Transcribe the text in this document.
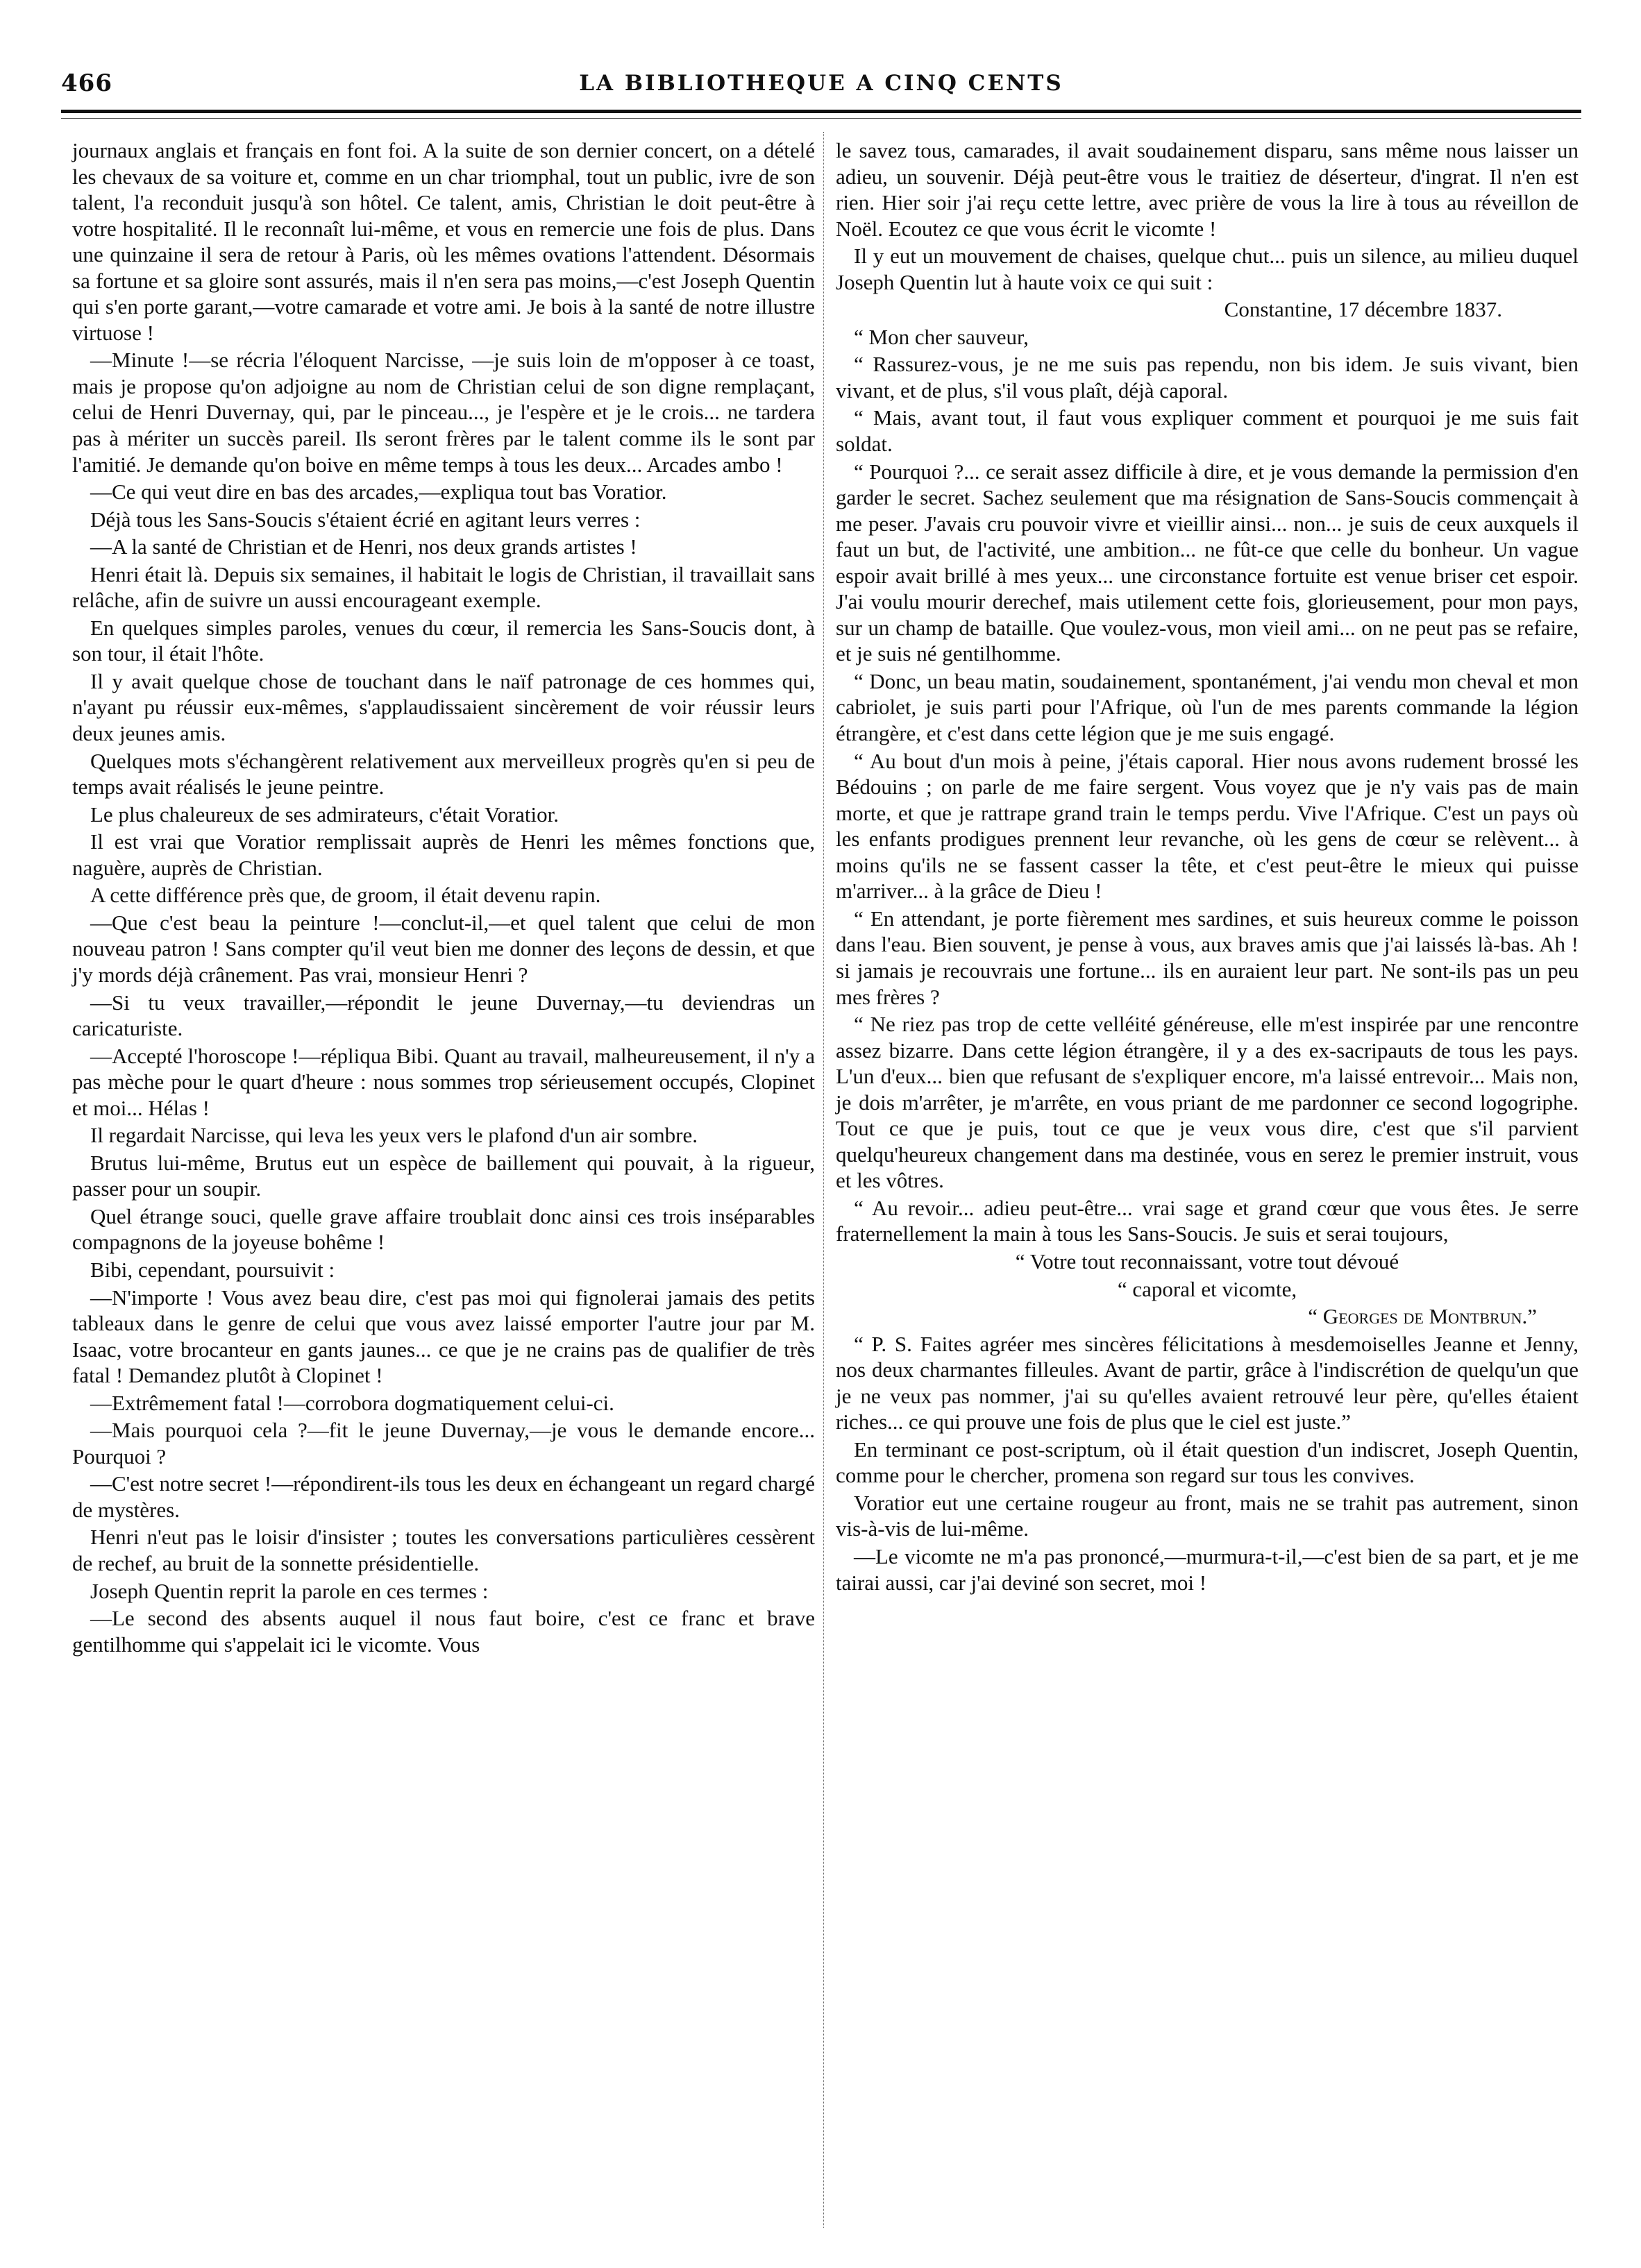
466	LA BIBLIOTHEQUE A CINQ CENTS

journaux anglais et français en font foi. A la suite de son dernier concert, on a dételé les chevaux de sa voiture et, comme en un char triomphal, tout un public, ivre de son talent, l'a reconduit jusqu'à son hôtel. Ce talent, amis, Christian le doit peut-être à votre hospitalité. Il le reconnaît lui-même, et vous en remercie une fois de plus. Dans une quinzaine il sera de retour à Paris, où les mêmes ovations l'attendent. Désormais sa fortune et sa gloire sont assurés, mais il n'en sera pas moins,—c'est Joseph Quentin qui s'en porte garant,—votre camarade et votre ami. Je bois à la santé de notre illustre virtuose !

—Minute !—se récria l'éloquent Narcisse, —je suis loin de m'opposer à ce toast, mais je propose qu'on adjoigne au nom de Christian celui de son digne remplaçant, celui de Henri Duvernay, qui, par le pinceau..., je l'espère et je le crois... ne tardera pas à mériter un succès pareil. Ils seront frères par le talent comme ils le sont par l'amitié. Je demande qu'on boive en même temps à tous les deux... Arcades ambo !

—Ce qui veut dire en bas des arcades,—expliqua tout bas Voratior.

Déjà tous les Sans-Soucis s'étaient écrié en agitant leurs verres :

—A la santé de Christian et de Henri, nos deux grands artistes !

Henri était là. Depuis six semaines, il habitait le logis de Christian, il travaillait sans relâche, afin de suivre un aussi encourageant exemple.

En quelques simples paroles, venues du cœur, il remercia les Sans-Soucis dont, à son tour, il était l'hôte.

Il y avait quelque chose de touchant dans le naïf patronage de ces hommes qui, n'ayant pu réussir eux-mêmes, s'applaudissaient sincèrement de voir réussir leurs deux jeunes amis.

Quelques mots s'échangèrent relativement aux merveilleux progrès qu'en si peu de temps avait réalisés le jeune peintre.

Le plus chaleureux de ses admirateurs, c'était Voratior.

Il est vrai que Voratior remplissait auprès de Henri les mêmes fonctions que, naguère, auprès de Christian.

A cette différence près que, de groom, il était devenu rapin.

—Que c'est beau la peinture !—conclut-il,—et quel talent que celui de mon nouveau patron ! Sans compter qu'il veut bien me donner des leçons de dessin, et que j'y mords déjà crânement. Pas vrai, monsieur Henri ?

—Si tu veux travailler,—répondit le jeune Duvernay,—tu deviendras un caricaturiste.

—Accepté l'horoscope !—répliqua Bibi. Quant au travail, malheureusement, il n'y a pas mèche pour le quart d'heure : nous sommes trop sérieusement occupés, Clopinet et moi... Hélas !

Il regardait Narcisse, qui leva les yeux vers le plafond d'un air sombre.

Brutus lui-même, Brutus eut un espèce de baillement qui pouvait, à la rigueur, passer pour un soupir.

Quel étrange souci, quelle grave affaire troublait donc ainsi ces trois inséparables compagnons de la joyeuse bohême !

Bibi, cependant, poursuivit :

—N'importe ! Vous avez beau dire, c'est pas moi qui fignolerai jamais des petits tableaux dans le genre de celui que vous avez laissé emporter l'autre jour par M. Isaac, votre brocanteur en gants jaunes... ce que je ne crains pas de qualifier de très fatal ! Demandez plutôt à Clopinet !

—Extrêmement fatal !—corrobora dogmatiquement celui-ci.

—Mais pourquoi cela ?—fit le jeune Duvernay,—je vous le demande encore... Pourquoi ?

—C'est notre secret !—répondirent-ils tous les deux en échangeant un regard chargé de mystères.

Henri n'eut pas le loisir d'insister ; toutes les conversations particulières cessèrent de rechef, au bruit de la sonnette présidentielle.

Joseph Quentin reprit la parole en ces termes :

—Le second des absents auquel il nous faut boire, c'est ce franc et brave gentilhomme qui s'appelait ici le vicomte. Vous

le savez tous, camarades, il avait soudainement disparu, sans même nous laisser un adieu, un souvenir. Déjà peut-être vous le traitiez de déserteur, d'ingrat. Il n'en est rien. Hier soir j'ai reçu cette lettre, avec prière de vous la lire à tous au réveillon de Noël. Ecoutez ce que vous écrit le vicomte !

Il y eut un mouvement de chaises, quelque chut... puis un silence, au milieu duquel Joseph Quentin lut à haute voix ce qui suit :

Constantine, 17 décembre 1837.

“ Mon cher sauveur,

“ Rassurez-vous, je ne me suis pas rependu, non bis idem. Je suis vivant, bien vivant, et de plus, s'il vous plaît, déjà caporal.

“ Mais, avant tout, il faut vous expliquer comment et pourquoi je me suis fait soldat.

“ Pourquoi ?... ce serait assez difficile à dire, et je vous demande la permission d'en garder le secret. Sachez seulement que ma résignation de Sans-Soucis commençait à me peser. J'avais cru pouvoir vivre et vieillir ainsi... non... je suis de ceux auxquels il faut un but, de l'activité, une ambition... ne fût-ce que celle du bonheur. Un vague espoir avait brillé à mes yeux... une circonstance fortuite est venue briser cet espoir. J'ai voulu mourir derechef, mais utilement cette fois, glorieusement, pour mon pays, sur un champ de bataille. Que voulez-vous, mon vieil ami... on ne peut pas se refaire, et je suis né gentilhomme.

“ Donc, un beau matin, soudainement, spontanément, j'ai vendu mon cheval et mon cabriolet, je suis parti pour l'Afrique, où l'un de mes parents commande la légion étrangère, et c'est dans cette légion que je me suis engagé.

“ Au bout d'un mois à peine, j'étais caporal. Hier nous avons rudement brossé les Bédouins ; on parle de me faire sergent. Vous voyez que je n'y vais pas de main morte, et que je rattrape grand train le temps perdu. Vive l'Afrique. C'est un pays où les enfants prodigues prennent leur revanche, où les gens de cœur se relèvent... à moins qu'ils ne se fassent casser la tête, et c'est peut-être le mieux qui puisse m'arriver... à la grâce de Dieu !

“ En attendant, je porte fièrement mes sardines, et suis heureux comme le poisson dans l'eau. Bien souvent, je pense à vous, aux braves amis que j'ai laissés là-bas. Ah ! si jamais je recouvrais une fortune... ils en auraient leur part. Ne sont-ils pas un peu mes frères ?

“ Ne riez pas trop de cette velléité généreuse, elle m'est inspirée par une rencontre assez bizarre. Dans cette légion étrangère, il y a des ex-sacripauts de tous les pays. L'un d'eux... bien que refusant de s'expliquer encore, m'a laissé entrevoir... Mais non, je dois m'arrêter, je m'arrête, en vous priant de me pardonner ce second logogriphe. Tout ce que je puis, tout ce que je veux vous dire, c'est que s'il parvient quelqu'heureux changement dans ma destinée, vous en serez le premier instruit, vous et les vôtres.

“ Au revoir... adieu peut-être... vrai sage et grand cœur que vous êtes. Je serre fraternellement la main à tous les Sans-Soucis. Je suis et serai toujours,

“ Votre tout reconnaissant, votre tout dévoué

“ caporal et vicomte,

“ Georges de Montbrun.”

“ P. S. Faites agréer mes sincères félicitations à mesdemoiselles Jeanne et Jenny, nos deux charmantes filleules. Avant de partir, grâce à l'indiscrétion de quelqu'un que je ne veux pas nommer, j'ai su qu'elles avaient retrouvé leur père, qu'elles étaient riches... ce qui prouve une fois de plus que le ciel est juste.”

En terminant ce post-scriptum, où il était question d'un indiscret, Joseph Quentin, comme pour le chercher, promena son regard sur tous les convives.

Voratior eut une certaine rougeur au front, mais ne se trahit pas autrement, sinon vis-à-vis de lui-même.

—Le vicomte ne m'a pas prononcé,—murmura-t-il,—c'est bien de sa part, et je me tairai aussi, car j'ai deviné son secret, moi !
